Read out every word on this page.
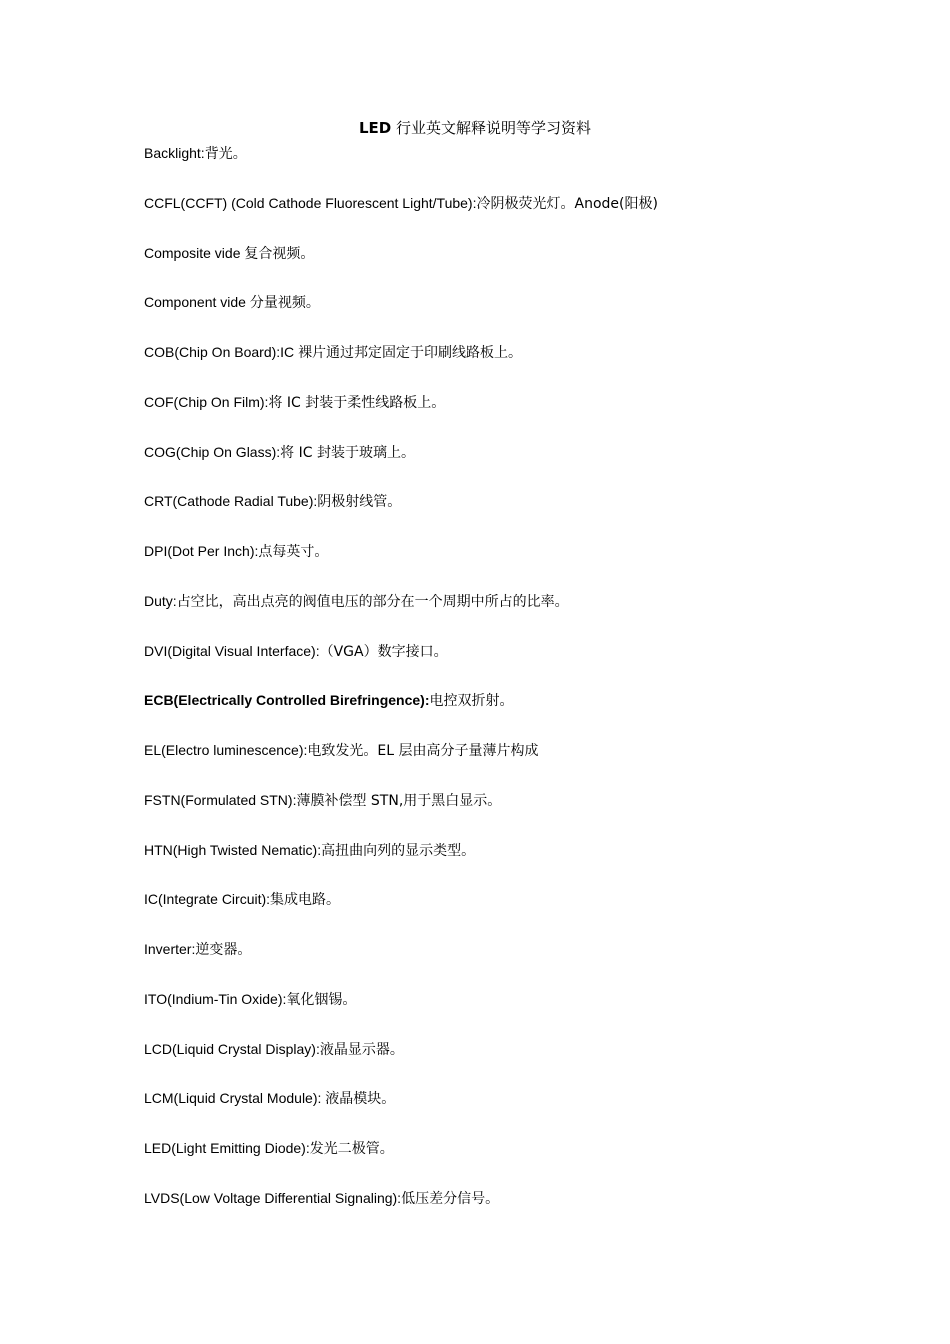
LED 行业英文解释说明等学习资料
Backlight:背光。
CCFL(CCFT) (Cold Cathode Fluorescent Light/Tube):冷阴极荧光灯。Anode(阳极)
Composite vide 复合视频。
Component vide 分量视频。
COB(Chip On Board):IC 裸片通过邦定固定于印刷线路板上。
COF(Chip On Film):将 IC 封装于柔性线路板上。
COG(Chip On Glass):将 IC 封装于玻璃上。
CRT(Cathode Radial Tube):阴极射线管。
DPI(Dot Per Inch):点每英寸。
Duty:占空比，高出点亮的阀值电压的部分在一个周期中所占的比率。
DVI(Digital Visual Interface):（VGA）数字接口。
ECB(Electrically Controlled Birefringence):电控双折射。
EL(Electro luminescence):电致发光。EL 层由高分子量薄片构成
FSTN(Formulated STN):薄膜补偿型 STN,用于黑白显示。
HTN(High Twisted Nematic):高扭曲向列的显示类型。
IC(Integrate Circuit):集成电路。
Inverter:逆变器。
ITO(Indium-Tin Oxide):氧化铟锡。
LCD(Liquid Crystal Display):液晶显示器。
LCM(Liquid Crystal Module): 液晶模块。
LED(Light Emitting Diode):发光二极管。
LVDS(Low Voltage Differential Signaling):低压差分信号。
